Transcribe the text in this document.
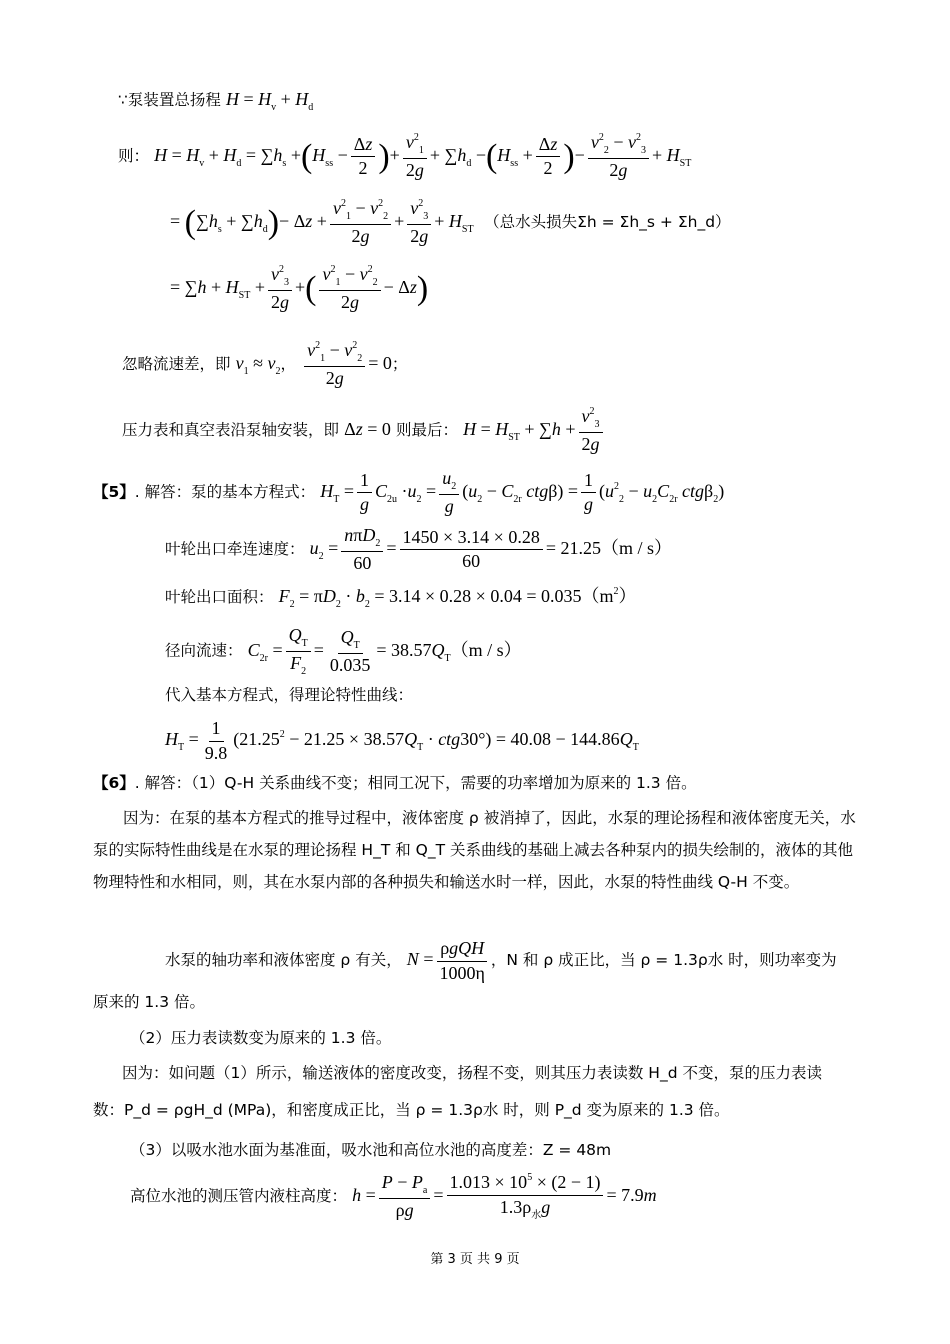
∵泵装置总扬程 $H = H_v + H_d$
则： $H = H_v + H_d = \sum h_s +(H_{ss} - \frac{\Delta z}{2}$ )+ $\frac{v^2_1}{2g} + \sum h_d -(H_{ss} + \frac{\Delta z}{2}$ )− $\frac{v^2_2 - v^2_3}{2g} + H_{ST}$
= $(\sum h_s + \sum h_d)- \Delta z + \frac{v^2_1 - v^2_2}{2g} + \frac{v^2_3}{2g} + H_{ST}$ （总水头损失Σh = Σh_s + Σh_d）
= $\sum h + H_{ST} + \frac{v^2_3}{2g}$ +( $\frac{v^2_1 - v^2_2}{2g} - \Delta z$)
忽略流速差，即 $v_1 \approx v_2$， $\frac{v^2_1 - v^2_2}{2g} = 0$；
压力表和真空表沿泵轴安装，即 Δz = 0 则最后： $H = H_{ST} + \sum h + \frac{v^2_3}{2g}$
【5】. 解答：泵的基本方程式： $H_T = \frac{1}{g} C_{2u} \cdot u_2 = \frac{u_2}{g} (u_2 - C_{2r}$ $ctg\beta) = \frac{1}{g} (u^2_2 - u_2C_{2r}$ ctgβ$_2$)
叶轮出口牵连速度： $u_2 = \frac{n\pi D_2}{60} = \frac{1450 \times 3.14 \times 0.28}{60} = 21.25(m / s)$
叶轮出口面积： $F_2 = \pi D_2 \cdot b_2 = 3.14 \times 0.28 \times 0.04 = 0.035(m^2)$
径向流速： $C_{2r} = \frac{Q_T}{F_2} = \frac{Q_T}{0.035} = 38.57Q_T(m / s)$
代入基本方程式，得理论特性曲线：
$H_T = \frac{1}{9.8} (21.25^2 - 21.25 \times 38.57Q_T \cdot ctg30^\circ) = 40.08 - 144.86Q_T$
【6】. 解答：（1）Q-H 关系曲线不变；相同工况下，需要的功率增加为原来的 1.3 倍。
因为：在泵的基本方程式的推导过程中，液体密度 ρ 被消掉了，因此，水泵的理论扬程和液体密度无关，水泵的实际特性曲线是在水泵的理论扬程 H_T 和 Q_T 关系曲线的基础上减去各种泵内的损失绘制的，液体的其他物理特性和水相同，则，其在水泵内部的各种损失和输送水时一样，因此，水泵的特性曲线 Q-H 不变。
水泵的轴功率和液体密度 ρ 有关， $N = \frac{\text{ρgQH}}{1000\eta}$ ，N 和 ρ 成正比，当 ρ = 1.3ρ水 时，则功率变为
原来的 1.3 倍。
（2）压力表读数变为原来的 1.3 倍。
因为：如问题（1）所示，输送液体的密度改变，扬程不变，则其压力表读数 H_d 不变，泵的压力表读
数：P_d = ρgH_d (MPa)，和密度成正比，当 ρ = 1.3ρ水 时，则 P_d 变为原来的 1.3 倍。
（3）以吸水池水面为基准面，吸水池和高位水池的高度差：Z = 48m
高位水池的测压管内液柱高度： $h = \frac{P - P_a}{\rho g} = \frac{1.013 \times 10^5 \times (2 - 1)}{1.3\rho_水g} = 7.9m$
第 3 页 共 9 页
